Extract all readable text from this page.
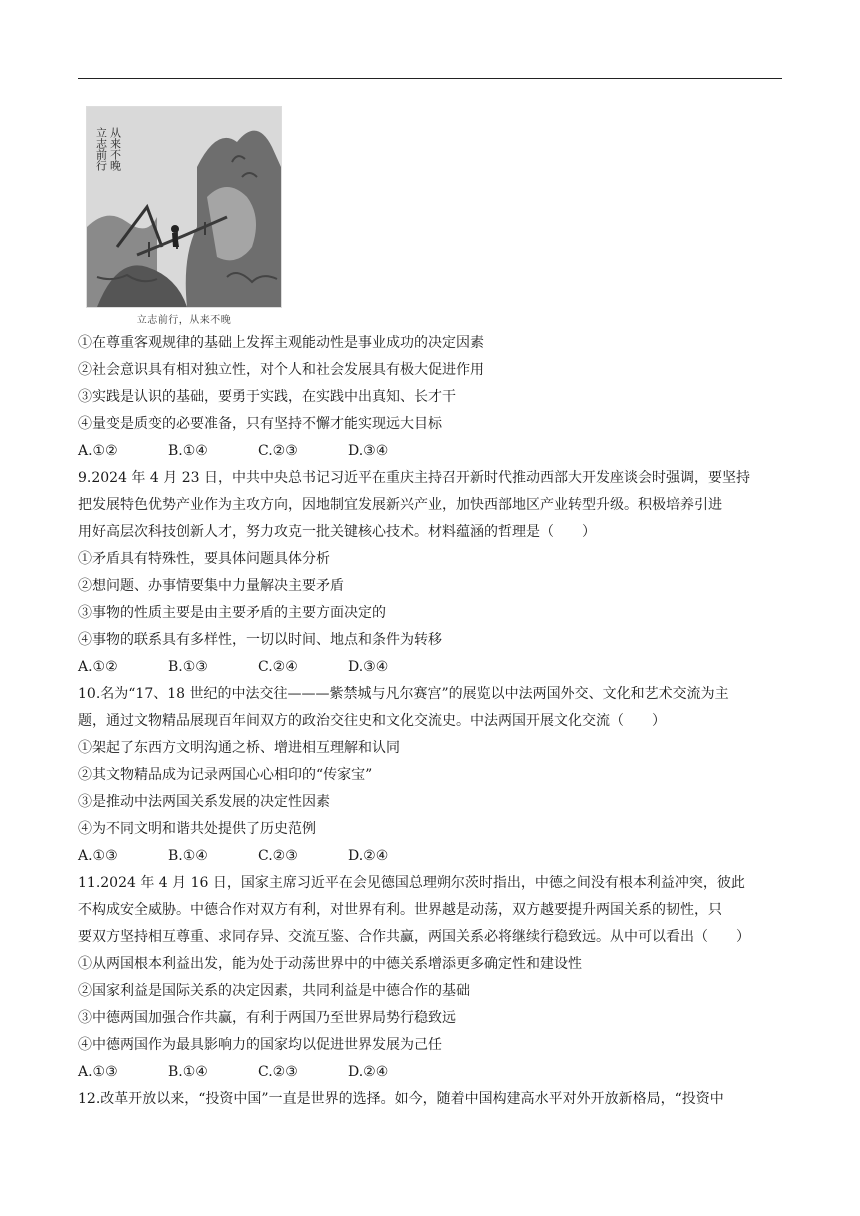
立志前行 从来不晚
立志前行，从来不晚
①在尊重客观规律的基础上发挥主观能动性是事业成功的决定因素
②社会意识具有相对独立性，对个人和社会发展具有极大促进作用
③实践是认识的基础，要勇于实践，在实践中出真知、长才干
④量变是质变的必要准备，只有坚持不懈才能实现远大目标
A.①②	B.①④	C.②③	D.③④
9.2024 年 4 月 23 日，中共中央总书记习近平在重庆主持召开新时代推动西部大开发座谈会时强调，要坚持
把发展特色优势产业作为主攻方向，因地制宜发展新兴产业，加快西部地区产业转型升级。积极培养引进
用好高层次科技创新人才，努力攻克一批关键核心技术。材料蕴涵的哲理是（　　）
①矛盾具有特殊性，要具体问题具体分析
②想问题、办事情要集中力量解决主要矛盾
③事物的性质主要是由主要矛盾的主要方面决定的
④事物的联系具有多样性，一切以时间、地点和条件为转移
A.①②	B.①③	C.②④	D.③④
10.名为“17、18 世纪的中法交往———紫禁城与凡尔赛宫”的展览以中法两国外交、文化和艺术交流为主
题，通过文物精品展现百年间双方的政治交往史和文化交流史。中法两国开展文化交流（　　）
①架起了东西方文明沟通之桥、增进相互理解和认同
②其文物精品成为记录两国心心相印的“传家宝”
③是推动中法两国关系发展的决定性因素
④为不同文明和谐共处提供了历史范例
A.①③	B.①④	C.②③	D.②④
11.2024 年 4 月 16 日，国家主席习近平在会见德国总理朔尔茨时指出，中德之间没有根本利益冲突，彼此
不构成安全威胁。中德合作对双方有利，对世界有利。世界越是动荡，双方越要提升两国关系的韧性，只
要双方坚持相互尊重、求同存异、交流互鉴、合作共赢，两国关系必将继续行稳致远。从中可以看出（　　）
①从两国根本利益出发，能为处于动荡世界中的中德关系增添更多确定性和建设性
②国家利益是国际关系的决定因素，共同利益是中德合作的基础
③中德两国加强合作共赢，有利于两国乃至世界局势行稳致远
④中德两国作为最具影响力的国家均以促进世界发展为己任
A.①③	B.①④	C.②③	D.②④
12.改革开放以来，“投资中国”一直是世界的选择。如今，随着中国构建高水平对外开放新格局，“投资中
